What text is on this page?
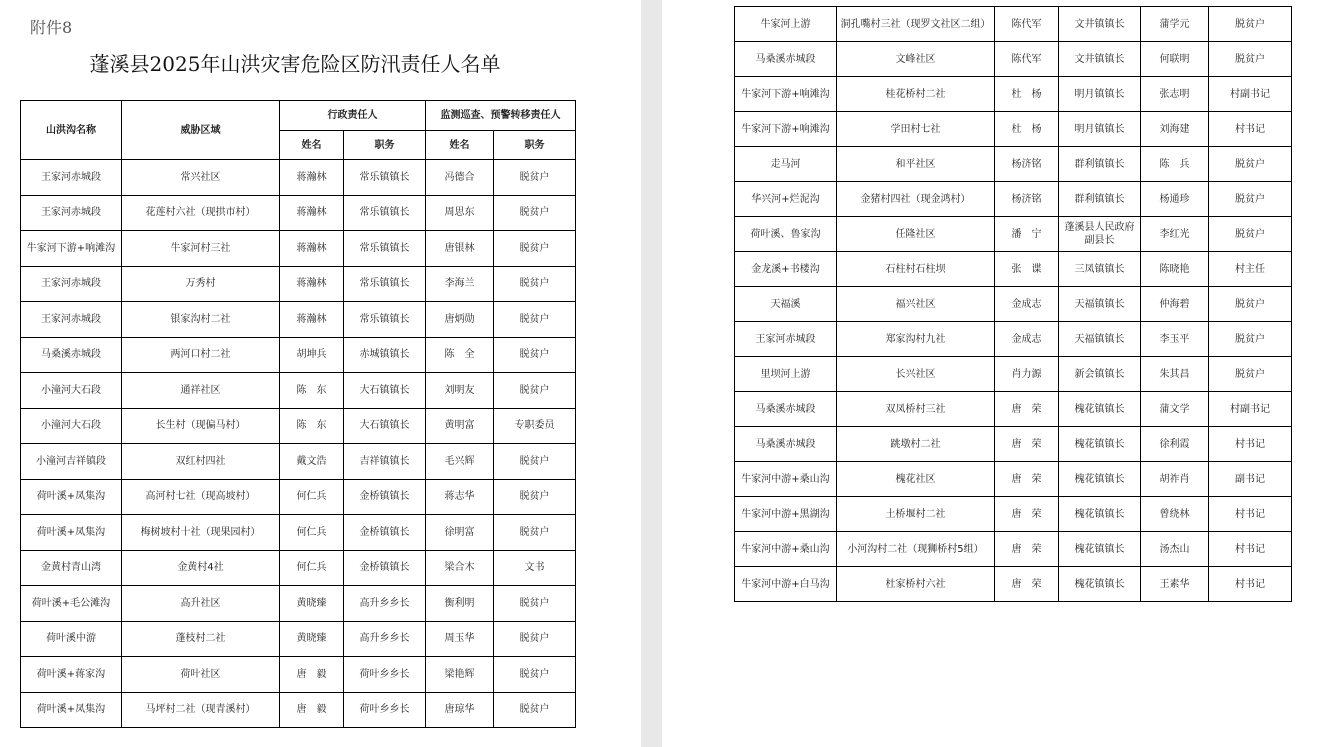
附件8
蓬溪县2025年山洪灾害危险区防汛责任人名单
山洪沟名称	威胁区域	行政责任人		监测巡查、预警转移责任人	
		姓名	职务	姓名	职务
王家河赤城段	常兴社区	蒋瀚林	常乐镇镇长	冯德合	脱贫户
王家河赤城段	花莲村六社（现拱市村）	蒋瀚林	常乐镇镇长	周思东	脱贫户
牛家河下游+响滩沟	牛家河村三社	蒋瀚林	常乐镇镇长	唐银林	脱贫户
王家河赤城段	万秀村	蒋瀚林	常乐镇镇长	李海兰	脱贫户
王家河赤城段	银家沟村二社	蒋瀚林	常乐镇镇长	唐炳勋	脱贫户
马桑溪赤城段	两河口村二社	胡坤兵	赤城镇镇长	陈　全	脱贫户
小潼河大石段	通祥社区	陈　东	大石镇镇长	刘明友	脱贫户
小潼河大石段	长生村（现偏马村）	陈　东	大石镇镇长	黄明富	专职委员
小潼河吉祥镇段	双红村四社	戴文浩	吉祥镇镇长	毛兴辉	脱贫户
荷叶溪+凤集沟	高河村七社（现高坡村）	何仁兵	金桥镇镇长	蒋志华	脱贫户
荷叶溪+凤集沟	梅树坡村十社（现果园村）	何仁兵	金桥镇镇长	徐明富	脱贫户
金黄村青山湾	金黄村4社	何仁兵	金桥镇镇长	梁合木	文书
荷叶溪+毛公滩沟	高升社区	黄晓臻	高升乡乡长	衡利明	脱贫户
荷叶溪中游	蓬枝村二社	黄晓臻	高升乡乡长	周玉华	脱贫户
荷叶溪+蒋家沟	荷叶社区	唐　毅	荷叶乡乡长	梁艳辉	脱贫户
荷叶溪+凤集沟	马坪村二社（现青溪村）	唐　毅	荷叶乡乡长	唐琼华	脱贫户
牛家河上游	洞孔嘴村三社（现罗文社区二组）	陈代军	文井镇镇长	蒲学元	脱贫户
马桑溪赤城段	文峰社区	陈代军	文井镇镇长	何联明	脱贫户
牛家河下游+响滩沟	桂花桥村二社	杜　杨	明月镇镇长	张志明	村副书记
牛家河下游+响滩沟	学田村七社	杜　杨	明月镇镇长	刘海建	村书记
走马河	和平社区	杨济铭	群利镇镇长	陈　兵	脱贫户
华兴河+烂泥沟	金猪村四社（现金鸿村）	杨济铭	群利镇镇长	杨通珍	脱贫户
荷叶溪、鲁家沟	任隆社区	潘　宁	蓬溪县人民政府副县长	李红光	脱贫户
金龙溪+书楼沟	石柱村石柱坝	张　谍	三凤镇镇长	陈晓艳	村主任
天福溪	福兴社区	金成志	天福镇镇长	仲海碧	脱贫户
王家河赤城段	郑家沟村九社	金成志	天福镇镇长	李玉平	脱贫户
里坝河上游	长兴社区	肖力源	新会镇镇长	朱其昌	脱贫户
马桑溪赤城段	双凤桥村三社	唐　荣	槐花镇镇长	蒲文学	村副书记
马桑溪赤城段	跳墩村二社	唐　荣	槐花镇镇长	徐利霞	村书记
牛家河中游+桑山沟	槐花社区	唐　荣	槐花镇镇长	胡祚肖	副书记
牛家河中游+黑湖沟	土桥堰村二社	唐　荣	槐花镇镇长	曾绕林	村书记
牛家河中游+桑山沟	小河沟村二社（现狮桥村5组）	唐　荣	槐花镇镇长	汤杰山	村书记
牛家河中游+白马沟	杜家桥村六社	唐　荣	槐花镇镇长	王素华	村书记
